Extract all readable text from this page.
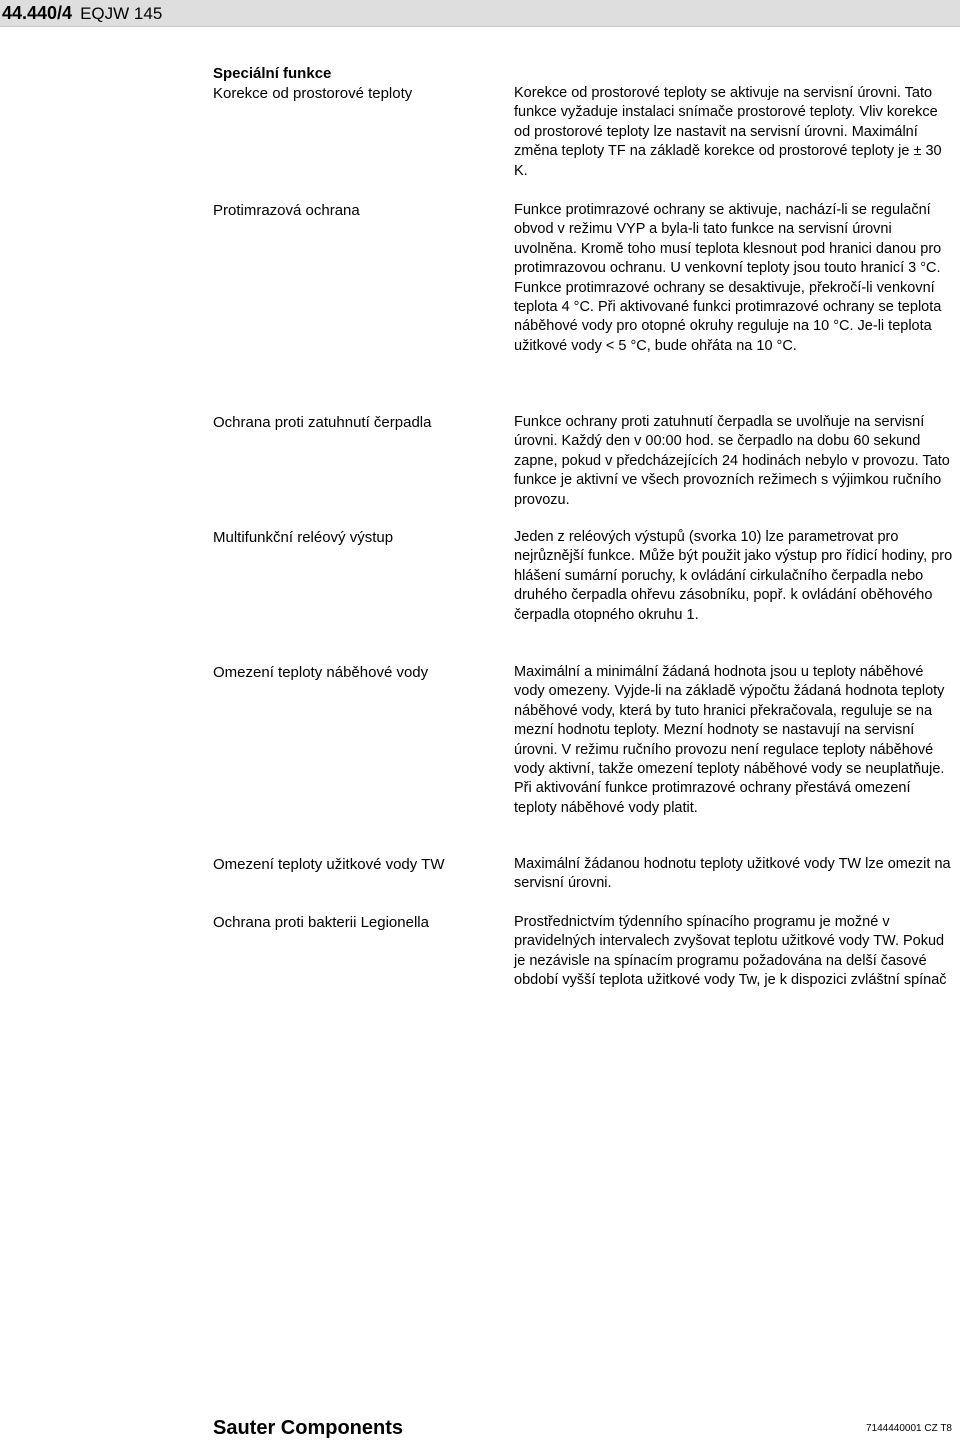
44.440/4 EQJW 145
Speciální funkce
Korekce od prostorové teploty	Korekce od prostorové teploty se aktivuje na servisní úrovni. Tato funkce vyžaduje instalaci snímače prostorové teploty. Vliv korekce od prostorové teploty lze nastavit na servisní úrovni. Maximální změna teploty TF na základě korekce od prostorové teploty je ± 30 K.

Protimrazová ochrana	Funkce protimrazové ochrany se aktivuje, nachází-li se regulační obvod v režimu VYP a byla-li tato funkce na servisní úrovni uvolněna. Kromě toho musí teplota klesnout pod hranici danou pro protimrazovou ochranu. U venkovní teploty jsou touto hranicí 3 °C. Funkce protimrazové ochrany se desaktivuje, překročí-li venkovní teplota 4 °C. Při aktivované funkci protimrazové ochrany se teplota náběhové vody pro otopné okruhy reguluje na 10 °C. Je-li teplota užitkové vody < 5 °C, bude ohřáta na 10 °C.

Ochrana proti zatuhnutí čerpadla	Funkce ochrany proti zatuhnutí čerpadla se uvolňuje na servisní úrovni. Každý den v 00:00 hod. se čerpadlo na dobu 60 sekund zapne, pokud v předcházejících 24 hodinách nebylo v provozu. Tato funkce je aktivní ve všech provozních režimech s výjimkou ručního provozu.

Multifunkční reléový výstup	Jeden z reléových výstupů (svorka 10) lze parametrovat pro nejrůznější funkce. Může být použit jako výstup pro řídicí hodiny, pro hlášení sumární poruchy, k ovládání cirkulačního čerpadla nebo druhého čerpadla ohřevu zásobníku, popř. k ovládání oběhového čerpadla otopného okruhu 1.

Omezení teploty náběhové vody	Maximální a minimální žádaná hodnota jsou u teploty náběhové vody omezeny. Vyjde-li na základě výpočtu žádaná hodnota teploty náběhové vody, která by tuto hranici překračovala, reguluje se na mezní hodnotu teploty. Mezní hodnoty se nastavují na servisní úrovni. V režimu ručního provozu není regulace teploty náběhové vody aktivní, takže omezení teploty náběhové vody se neuplatňuje. Při aktivování funkce protimrazové ochrany přestává omezení teploty náběhové vody platit.

Omezení teploty užitkové vody TW	Maximální žádanou hodnotu teploty užitkové vody TW lze omezit na servisní úrovni.

Ochrana proti bakterii Legionella	Prostřednictvím týdenního spínacího programu je možné v pravidelných intervalech zvyšovat teplotu užitkové vody TW. Pokud je nezávisle na spínacím programu požadována na delší časové období vyšší teplota užitkové vody Tw, je k dispozici zvláštní spínač

Sauter Components	7144440001 CZ T8
